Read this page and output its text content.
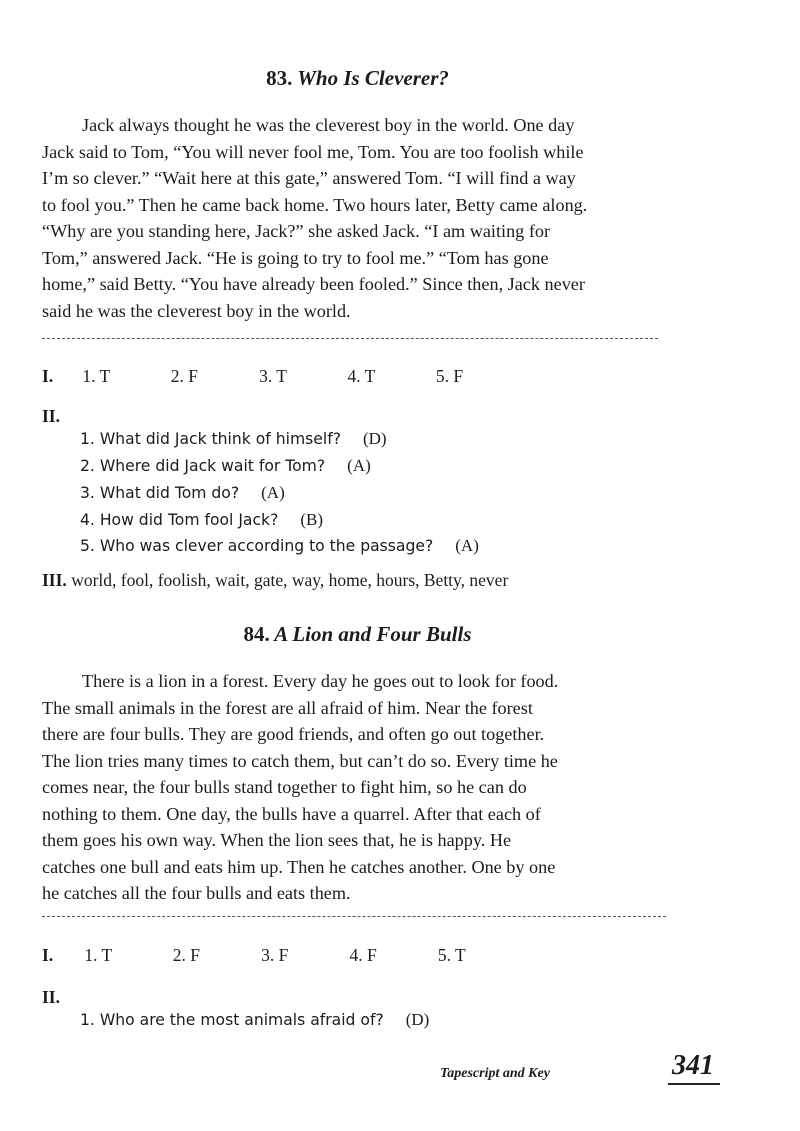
83. Who Is Cleverer?

Jack always thought he was the cleverest boy in the world. One day

Jack said to Tom, “You will never fool me, Tom. You are too foolish while

I’m so clever.” “Wait here at this gate,” answered Tom. “I will find a way

to fool you.” Then he came back home. Two hours later, Betty came along.

“Why are you standing here, Jack?” she asked Jack. “I am waiting for

Tom,” answered Jack. “He is going to try to fool me.” “Tom has gone

home,” said Betty. “You have already been fooled.” Since then, Jack never

said he was the cleverest boy in the world.

I. 1. T	2. F	3. T	4. T	5. F
II.
1. What did Jack think of himself? (D)
2. Where did Jack wait for Tom? (A)
3. What did Tom do? (A)
4. How did Tom fool Jack? (B)
5. Who was clever according to the passage? (A)
III. world, fool, foolish, wait, gate, way, home, hours, Betty, never
84. A Lion and Four Bulls

There is a lion in a forest. Every day he goes out to look for food.

The small animals in the forest are all afraid of him. Near the forest

there are four bulls. They are good friends, and often go out together.

The lion tries many times to catch them, but can’t do so. Every time he

comes near, the four bulls stand together to fight him, so he can do

nothing to them. One day, the bulls have a quarrel. After that each of

them goes his own way. When the lion sees that, he is happy. He

catches one bull and eats him up. Then he catches another. One by one

he catches all the four bulls and eats them.

I. 1. T	2. F	3. F	4. F	5. T
II.
1. Who are the most animals afraid of? (D)
Tapescript and Key	341
